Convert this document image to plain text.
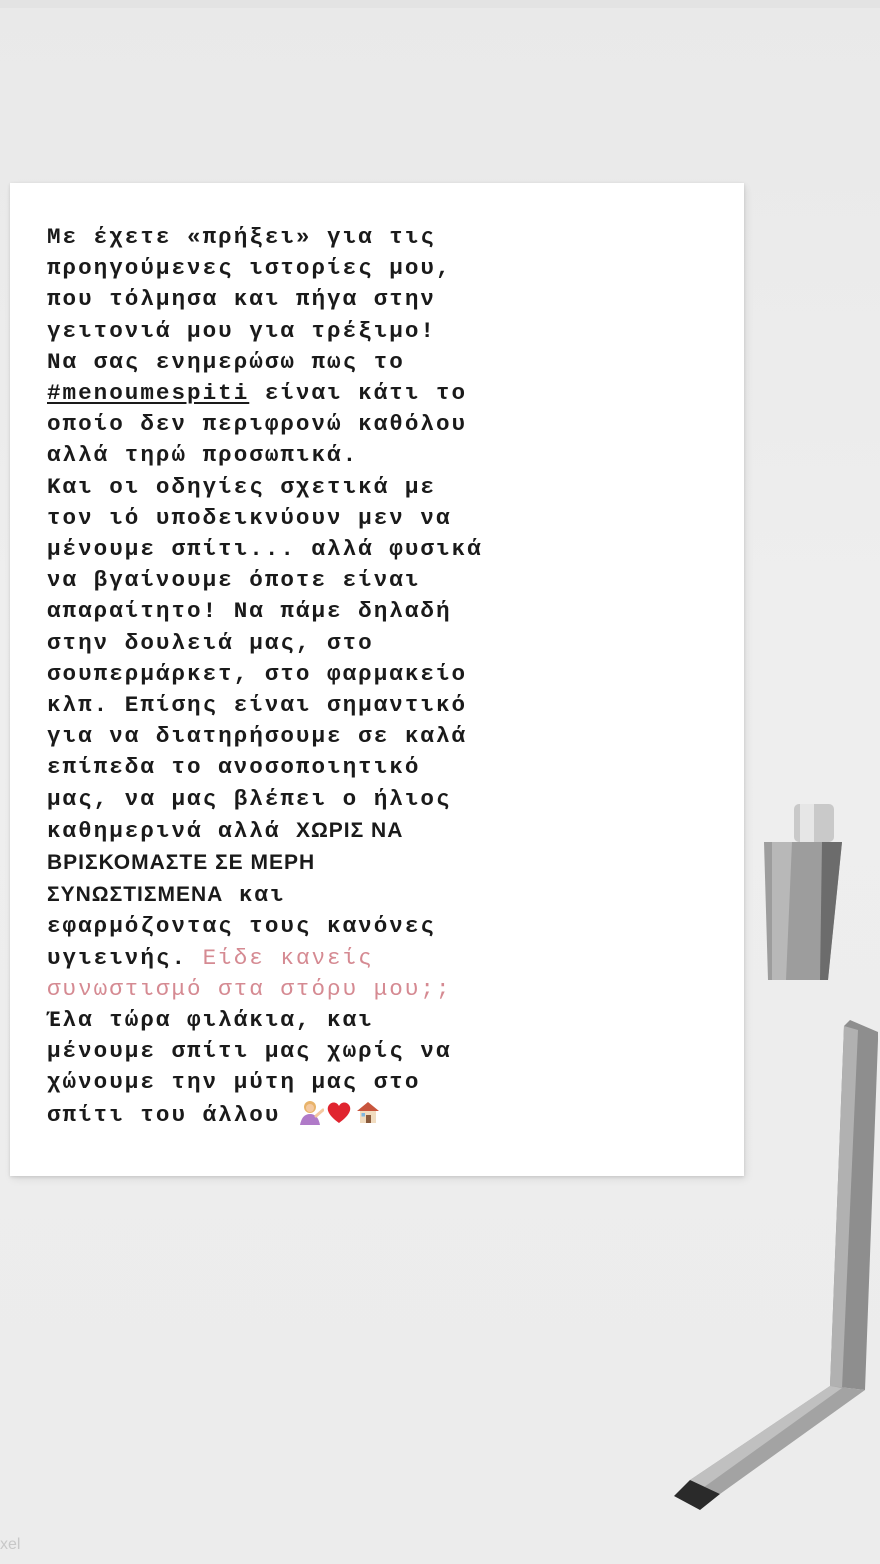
Με έχετε «πρήξει» για τις
προηγούμενες ιστορίες μου,
που τόλμησα και πήγα στην
γειτονιά μου για τρέξιμο!
Να σας ενημερώσω πως το
#menoumespiti είναι κάτι το
οποίο δεν περιφρονώ καθόλου
αλλά τηρώ προσωπικά.
Και οι οδηγίες σχετικά με
τον ιό υποδεικνύουν μεν να
μένουμε σπίτι... αλλά φυσικά
να βγαίνουμε όποτε είναι
απαραίτητο! Να πάμε δηλαδή
στην δουλειά μας, στο
σουπερμάρκετ, στο φαρμακείο
κλπ. Επίσης είναι σημαντικό
για να διατηρήσουμε σε καλά
επίπεδα το ανοσοποιητικό
μας, να μας βλέπει ο ήλιος
καθημερινά αλλά ΧΩΡΙΣ ΝΑ
ΒΡΙΣΚΟΜΑΣΤΕ ΣΕ ΜΕΡΗ
ΣΥΝΩΣΤΙΣΜΕΝΑ και
εφαρμόζοντας τους κανόνες
υγιεινής. Είδε κανείς
συνωστισμό στα στόρυ μου;;
Έλα τώρα φιλάκια, και
μένουμε σπίτι μας χωρίς να
χώνουμε την μύτη μας στο
σπίτι του άλλου
xel
